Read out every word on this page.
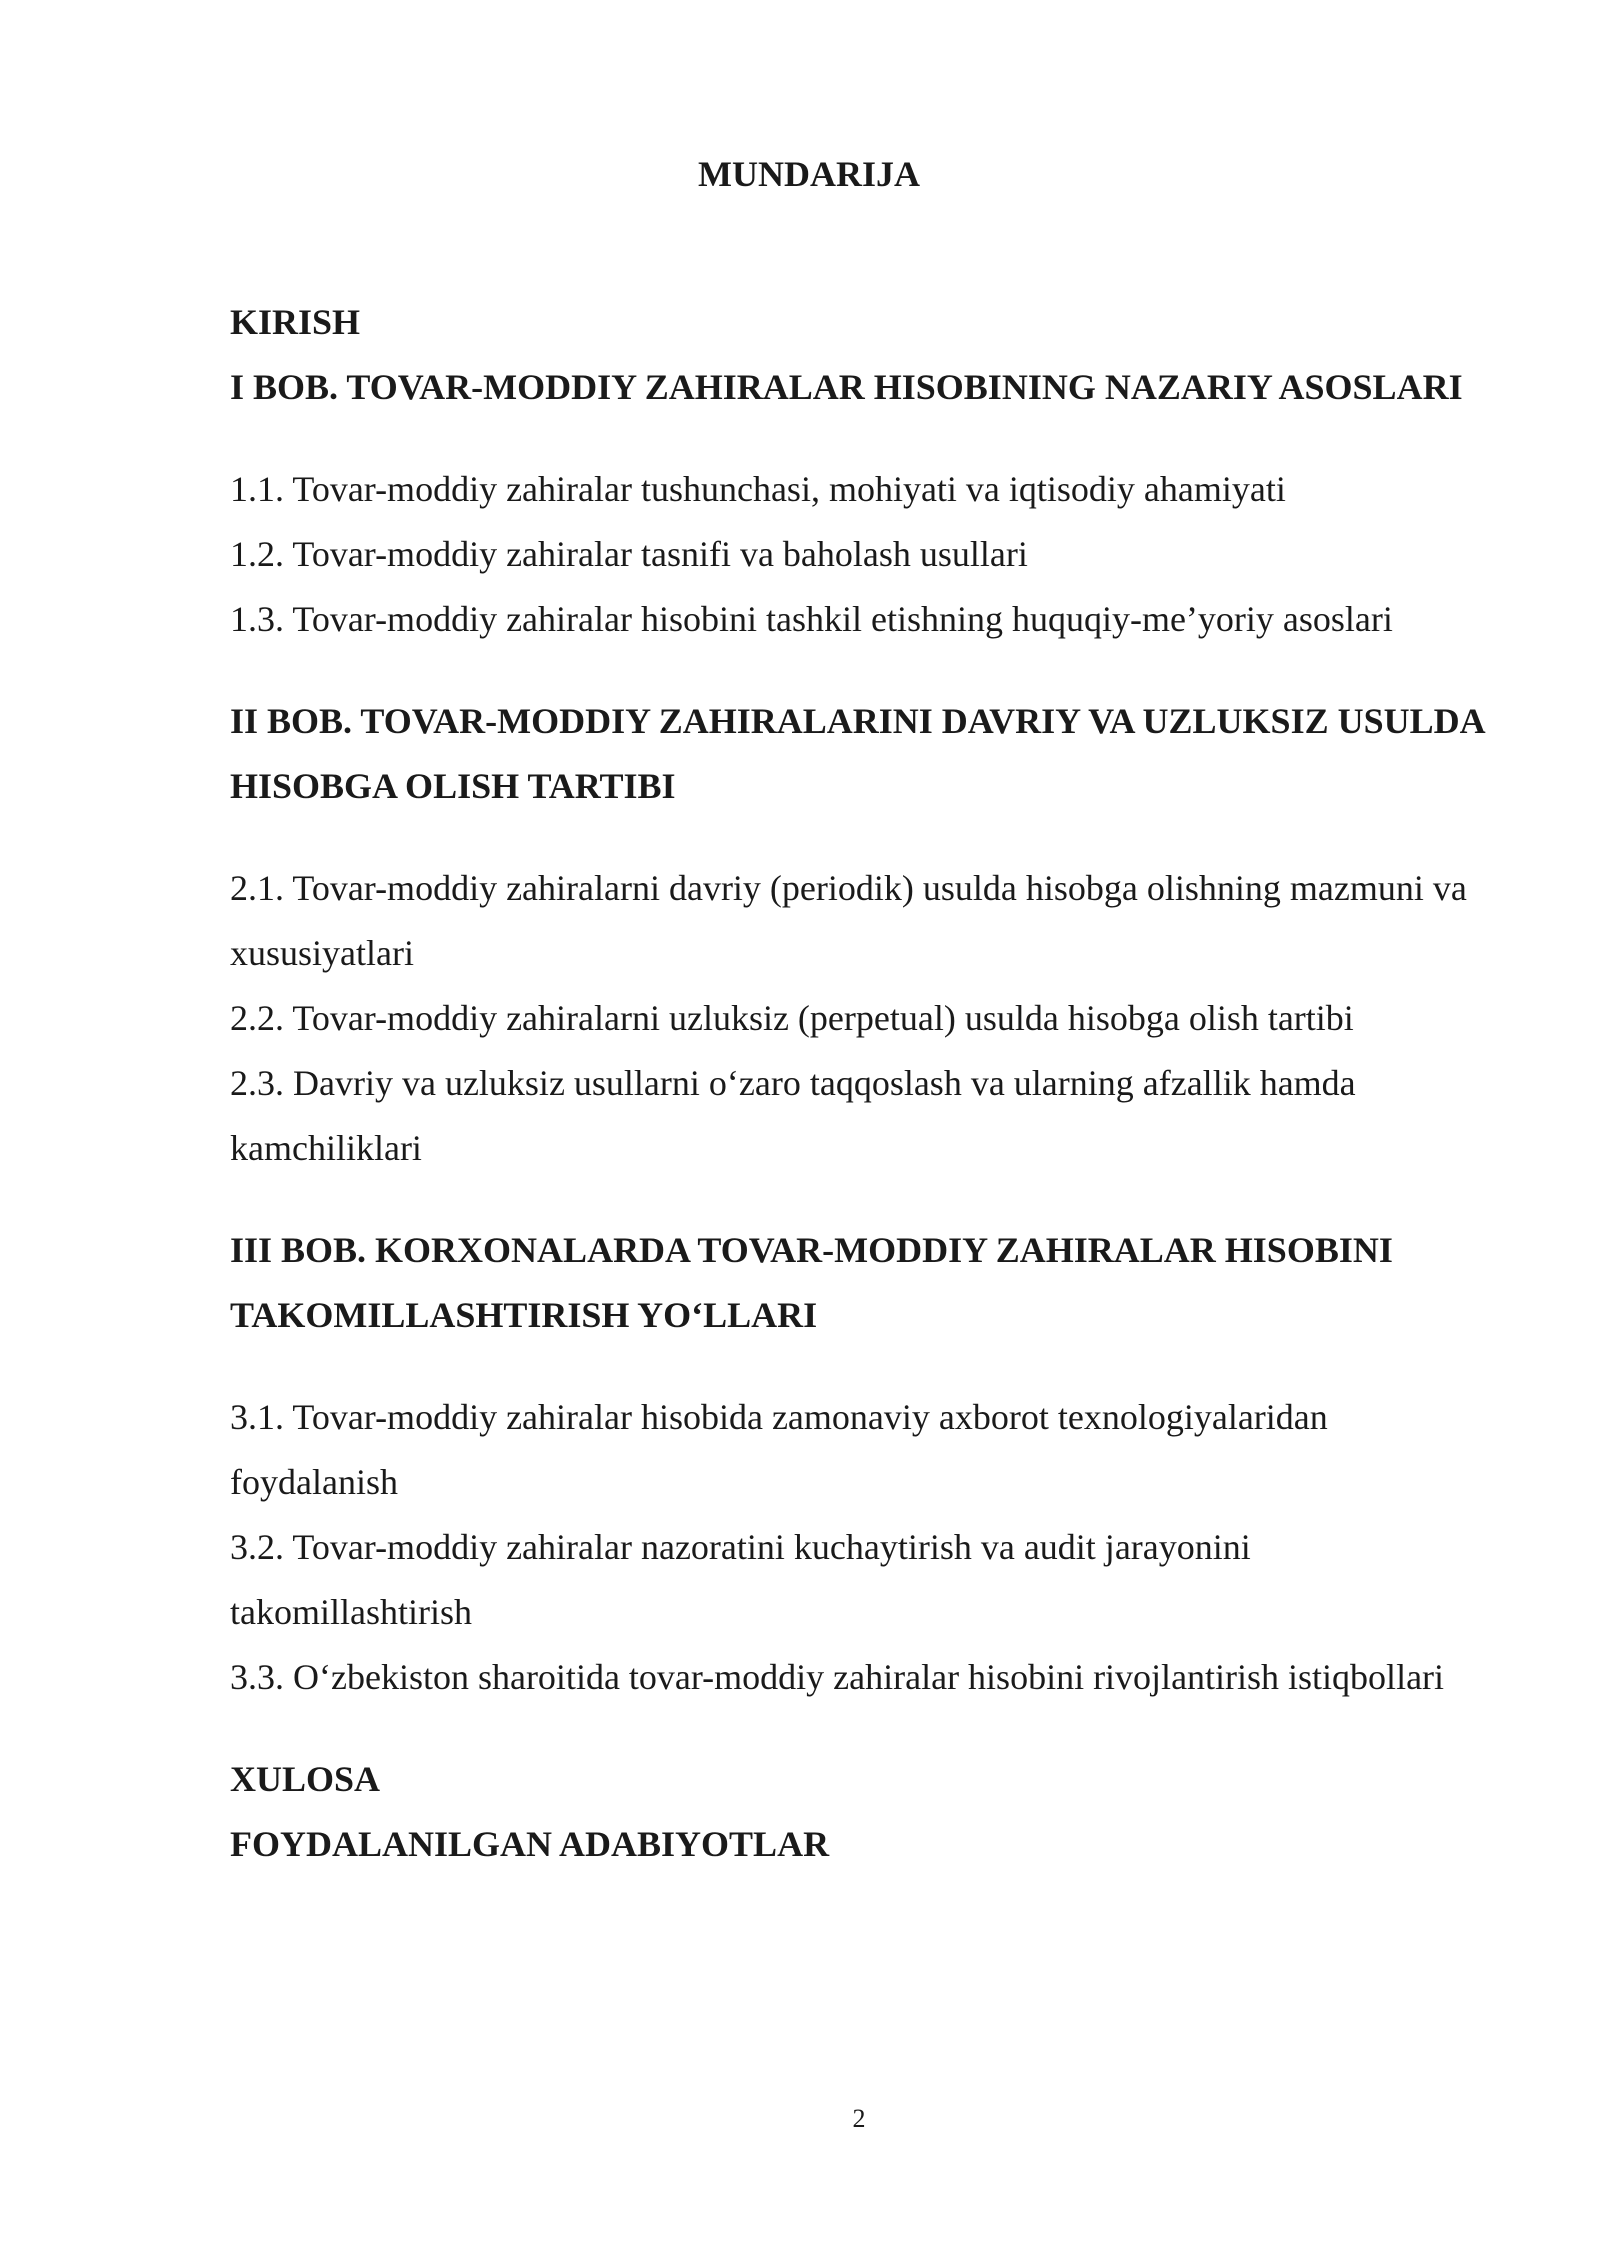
MUNDARIJA

KIRISH

I BOB. TOVAR-MODDIY ZAHIRALAR HISOBINING NAZARIY ASOSLARI

1.1. Tovar-moddiy zahiralar tushunchasi, mohiyati va iqtisodiy ahamiyati

1.2. Tovar-moddiy zahiralar tasnifi va baholash usullari

1.3. Tovar-moddiy zahiralar hisobini tashkil etishning huquqiy-me’yoriy asoslari

II BOB. TOVAR-MODDIY ZAHIRALARINI DAVRIY VA UZLUKSIZ USULDA HISOBGA OLISH TARTIBI

2.1. Tovar-moddiy zahiralarni davriy (periodik) usulda hisobga olishning mazmuni va xususiyatlari

2.2. Tovar-moddiy zahiralarni uzluksiz (perpetual) usulda hisobga olish tartibi

2.3. Davriy va uzluksiz usullarni o‘zaro taqqoslash va ularning afzallik hamda kamchiliklari

III BOB. KORXONALARDA TOVAR-MODDIY ZAHIRALAR HISOBINI TAKOMILLASHTIRISH YO‘LLARI

3.1. Tovar-moddiy zahiralar hisobida zamonaviy axborot texnologiyalaridan foydalanish

3.2. Tovar-moddiy zahiralar nazoratini kuchaytirish va audit jarayonini takomillashtirish

3.3. O‘zbekiston sharoitida tovar-moddiy zahiralar hisobini rivojlantirish istiqbollari

XULOSA

FOYDALANILGAN ADABIYOTLAR

2
